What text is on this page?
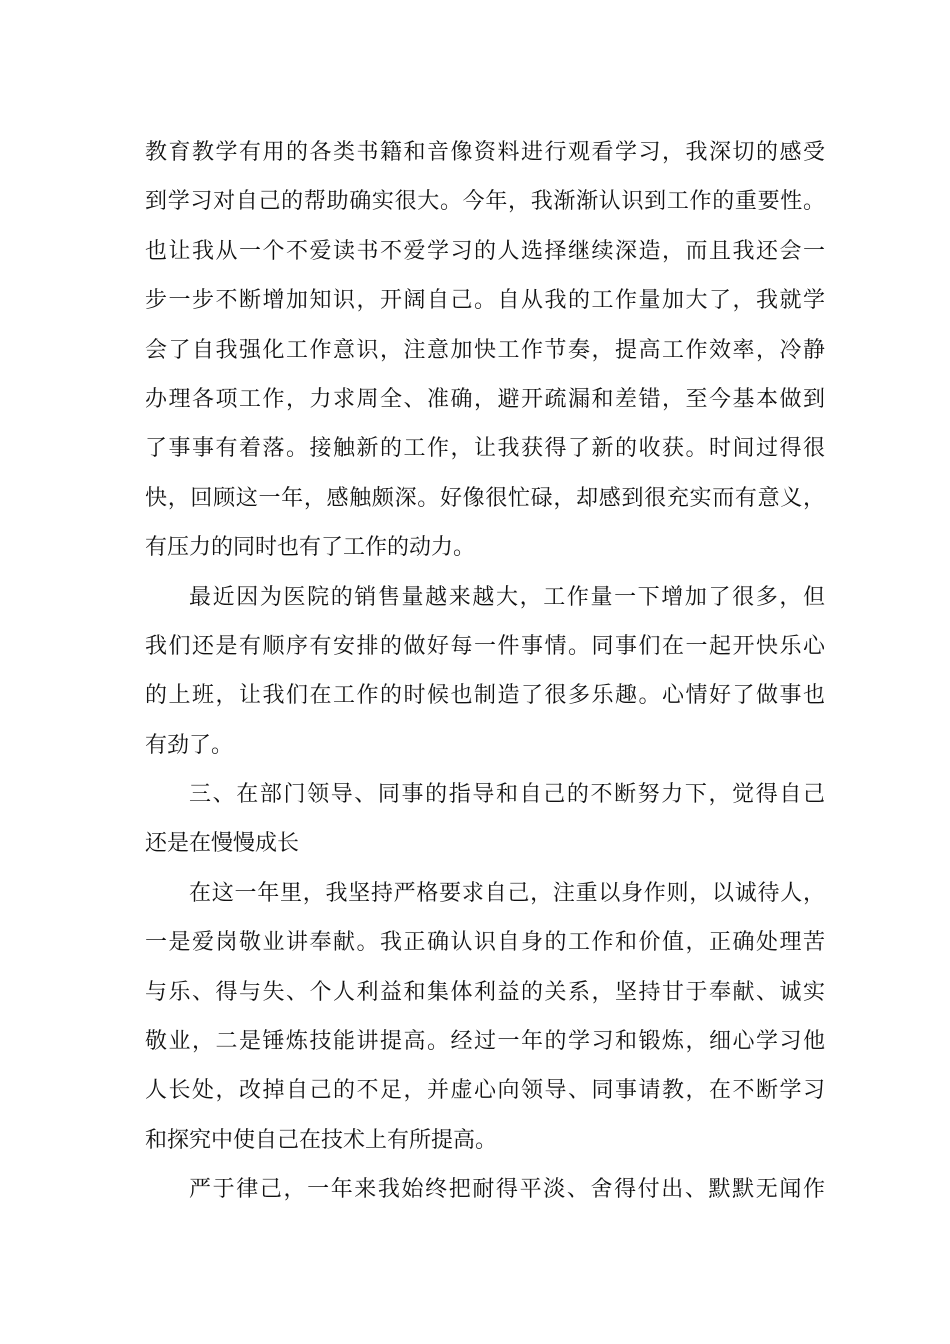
教育教学有用的各类书籍和音像资料进行观看学习，我深切的感受
到学习对自己的帮助确实很大。今年，我渐渐认识到工作的重要性。
也让我从一个不爱读书不爱学习的人选择继续深造，而且我还会一
步一步不断增加知识，开阔自己。自从我的工作量加大了，我就学
会了自我强化工作意识，注意加快工作节奏，提高工作效率，冷静
办理各项工作，力求周全、准确，避开疏漏和差错，至今基本做到
了事事有着落。接触新的工作，让我获得了新的收获。时间过得很
快，回顾这一年，感触颇深。好像很忙碌，却感到很充实而有意义，
有压力的同时也有了工作的动力。
最近因为医院的销售量越来越大，工作量一下增加了很多，但
我们还是有顺序有安排的做好每一件事情。同事们在一起开快乐心
的上班，让我们在工作的时候也制造了很多乐趣。心情好了做事也
有劲了。
三、在部门领导、同事的指导和自己的不断努力下，觉得自己
还是在慢慢成长
在这一年里，我坚持严格要求自己，注重以身作则，以诚待人，
一是爱岗敬业讲奉献。我正确认识自身的工作和价值，正确处理苦
与乐、得与失、个人利益和集体利益的关系，坚持甘于奉献、诚实
敬业，二是锤炼技能讲提高。经过一年的学习和锻炼，细心学习他
人长处，改掉自己的不足，并虚心向领导、同事请教，在不断学习
和探究中使自己在技术上有所提高。
严于律己，一年来我始终把耐得平淡、舍得付出、默默无闻作
